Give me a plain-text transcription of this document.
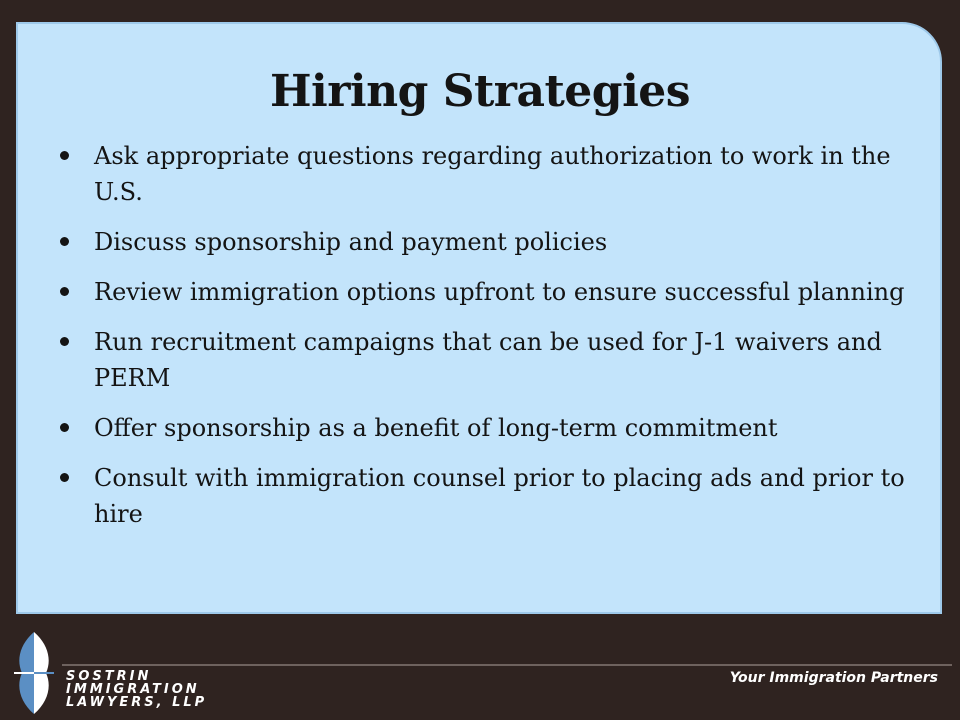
Hiring Strategies
Ask appropriate questions regarding authorization to work in the U.S.
Discuss sponsorship and payment policies
Review immigration options upfront to ensure successful planning
Run recruitment campaigns that can be used for J-1 waivers and PERM
Offer sponsorship as a benefit of long-term commitment
Consult with immigration counsel prior to placing ads and prior to hire
SOSTRIN
IMMIGRATION
LAWYERS, LLP
Your Immigration Partners
